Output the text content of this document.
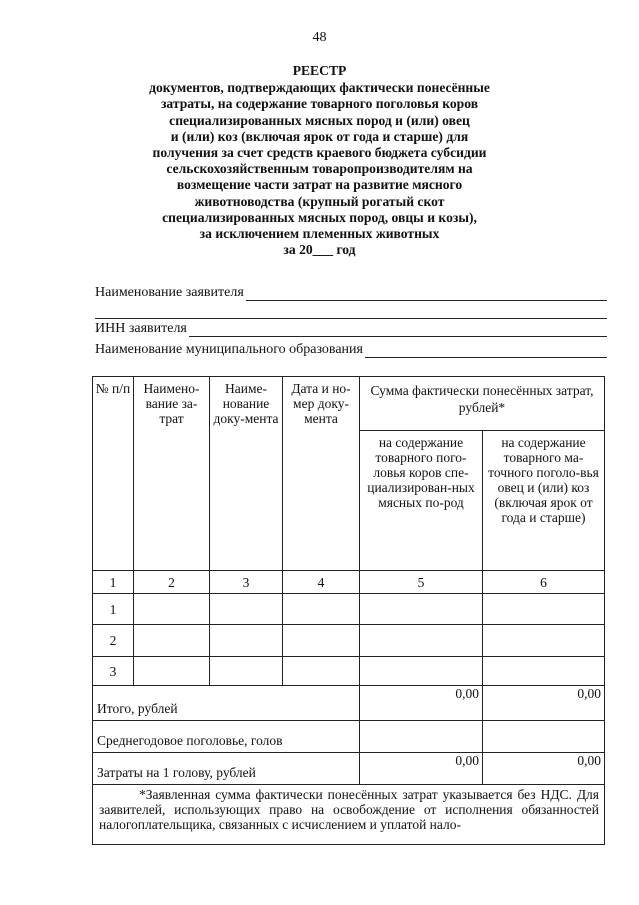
48
РЕЕСТР
документов, подтверждающих фактически понесённые
затраты, на содержание товарного поголовья коров
специализированных мясных пород и (или) овец
и (или) коз (включая ярок от года и старше) для
получения за счет средств краевого бюджета субсидии
сельскохозяйственным товаропроизводителям на
возмещение части затрат на развитие мясного
животноводства (крупный рогатый скот
специализированных мясных пород, овцы и козы),
за исключением племенных животных
за 20___ год
Наименование заявителя
ИНН заявителя
Наименование муниципального образования
№ п/п	Наимено-вание за-трат	Наиме-нование доку-мента	Дата и но-мер доку-мента	Сумма фактически понесённых затрат, рублей*	
				на содержание товарного пого-ловья коров спе-циализирован-ных мясных по-род	на содержание товарного ма-точного поголо-вья овец и (или) коз (включая ярок от года и старше)
1	2	3	4	5	6
1					
2					
3					
Итого, рублей				0,00	0,00
Среднегодовое поголовье, голов					
Затраты на 1 голову, рублей				0,00	0,00
*Заявленная сумма фактически понесённых затрат указывается без НДС. Для заявителей, использующих право на освобождение от исполнения обязанностей налогоплательщика, связанных с исчислением и уплатой нало-					
